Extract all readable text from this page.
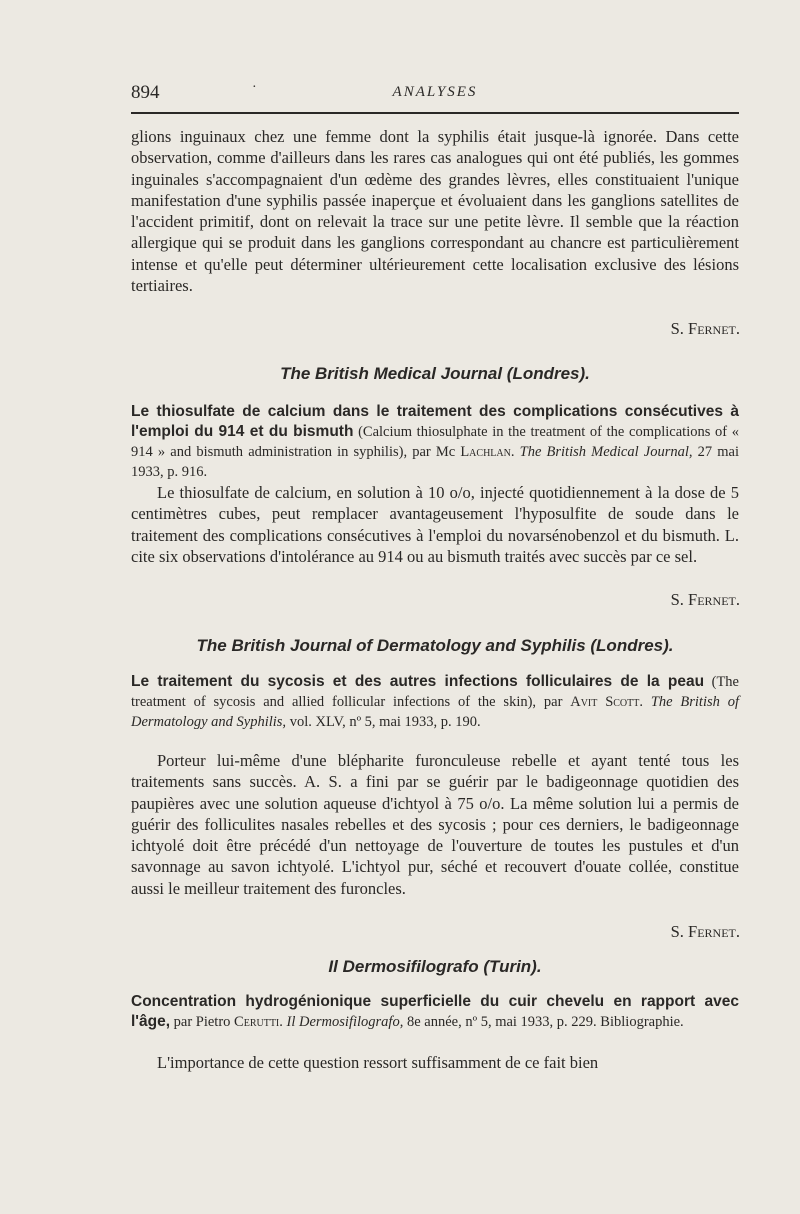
894	·	ANALYSES

glions inguinaux chez une femme dont la syphilis était jusque-là ignorée. Dans cette observation, comme d'ailleurs dans les rares cas analogues qui ont été publiés, les gommes inguinales s'accompagnaient d'un œdème des grandes lèvres, elles constituaient l'unique manifestation d'une syphilis passée inaperçue et évoluaient dans les ganglions satellites de l'accident primitif, dont on relevait la trace sur une petite lèvre. Il semble que la réaction allergique qui se produit dans les ganglions correspondant au chancre est particulièrement intense et qu'elle peut déterminer ultérieurement cette localisation exclusive des lésions tertiaires.

S. Fernet.

The British Medical Journal (Londres).

Le thiosulfate de calcium dans le traitement des complications consécutives à l'emploi du 914 et du bismuth (Calcium thiosulphate in the treatment of the complications of « 914 » and bismuth administration in syphilis), par Mc Lachlan. The British Medical Journal, 27 mai 1933, p. 916.

Le thiosulfate de calcium, en solution à 10 o/o, injecté quotidiennement à la dose de 5 centimètres cubes, peut remplacer avantageusement l'hyposulfite de soude dans le traitement des complications consécutives à l'emploi du novarsénobenzol et du bismuth. L. cite six observations d'intolérance au 914 ou au bismuth traités avec succès par ce sel.

S. Fernet.

The British Journal of Dermatology and Syphilis (Londres).

Le traitement du sycosis et des autres infections folliculaires de la peau (The treatment of sycosis and allied follicular infections of the skin), par Avit Scott. The British of Dermatology and Syphilis, vol. XLV, nº 5, mai 1933, p. 190.

Porteur lui-même d'une blépharite furonculeuse rebelle et ayant tenté tous les traitements sans succès. A. S. a fini par se guérir par le badigeonnage quotidien des paupières avec une solution aqueuse d'ichtyol à 75 o/o. La même solution lui a permis de guérir des folliculites nasales rebelles et des sycosis ; pour ces derniers, le badigeonnage ichtyolé doit être précédé d'un nettoyage de l'ouverture de toutes les pustules et d'un savonnage au savon ichtyolé. L'ichtyol pur, séché et recouvert d'ouate collée, constitue aussi le meilleur traitement des furoncles.

S. Fernet.

Il Dermosifilografo (Turin).

Concentration hydrogénionique superficielle du cuir chevelu en rapport avec l'âge, par Pietro Cerutti. Il Dermosifilografo, 8e année, nº 5, mai 1933, p. 229. Bibliographie.

L'importance de cette question ressort suffisamment de ce fait bien
